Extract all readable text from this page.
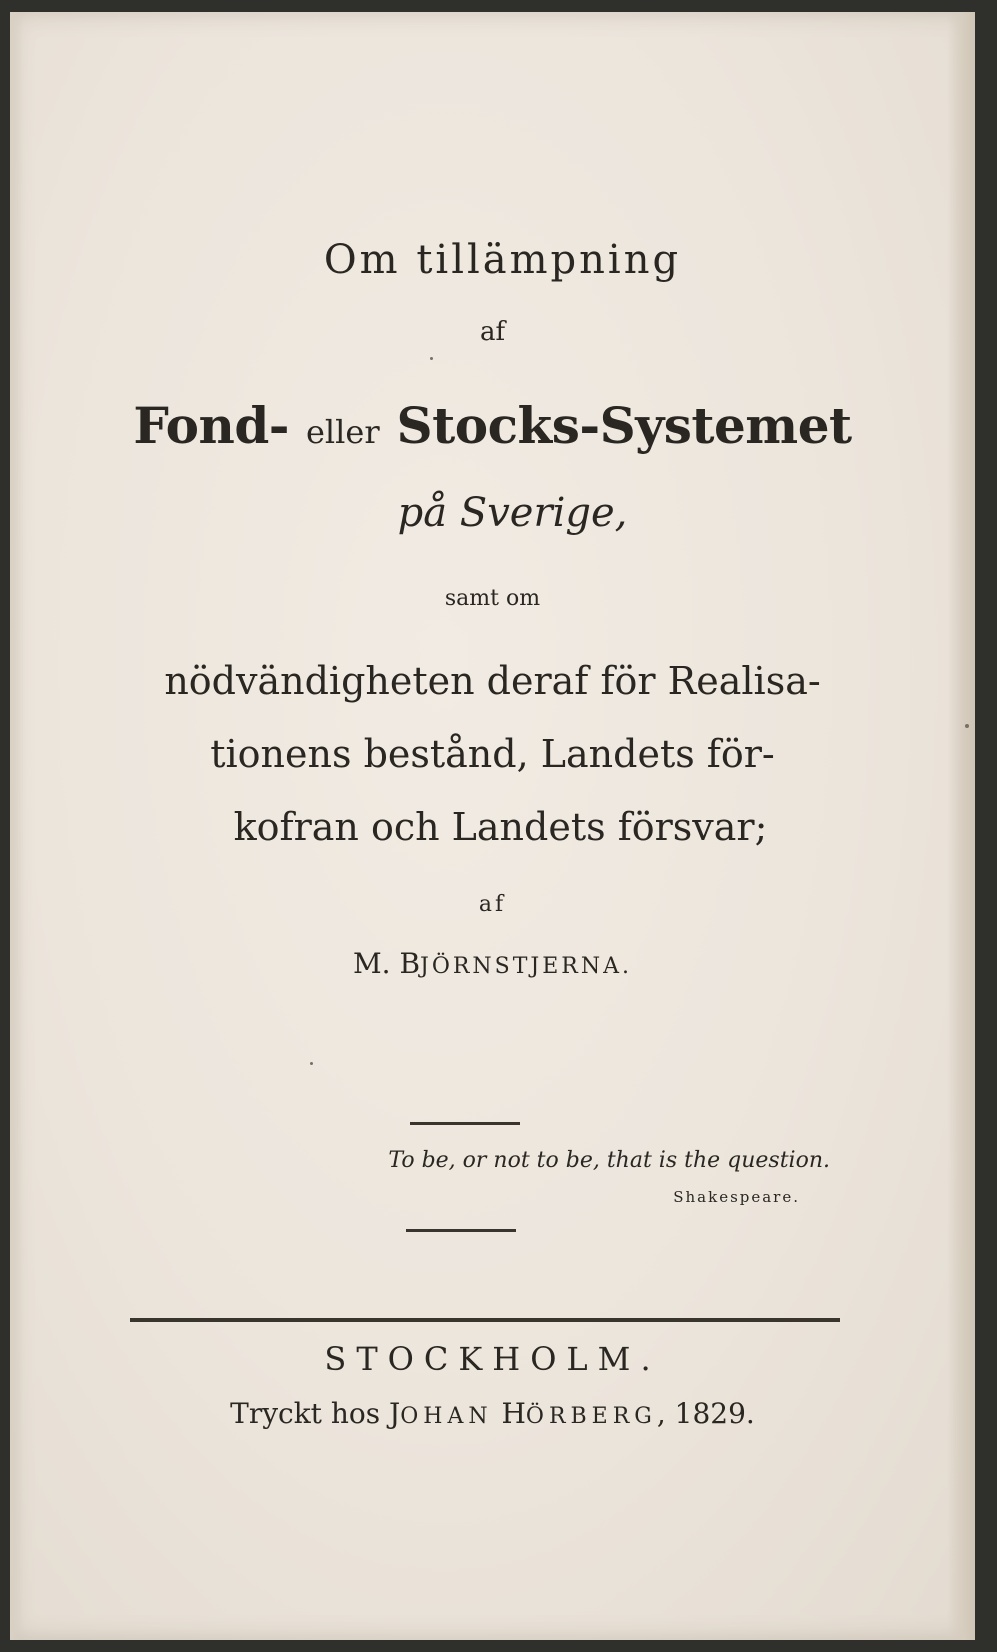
Om tillämpning
af
Fond- eller Stocks-Systemet
på Sverige,
samt om
nödvändigheten deraf för Realisa-
tionens bestånd, Landets för-
kofran och Landets försvar;
af
M. BJÖRNSTJERNA.
To be, or not to be, that is the question.
Shakespeare.
STOCKHOLM.
Tryckt hos JOHAN HÖRBERG, 1829.
